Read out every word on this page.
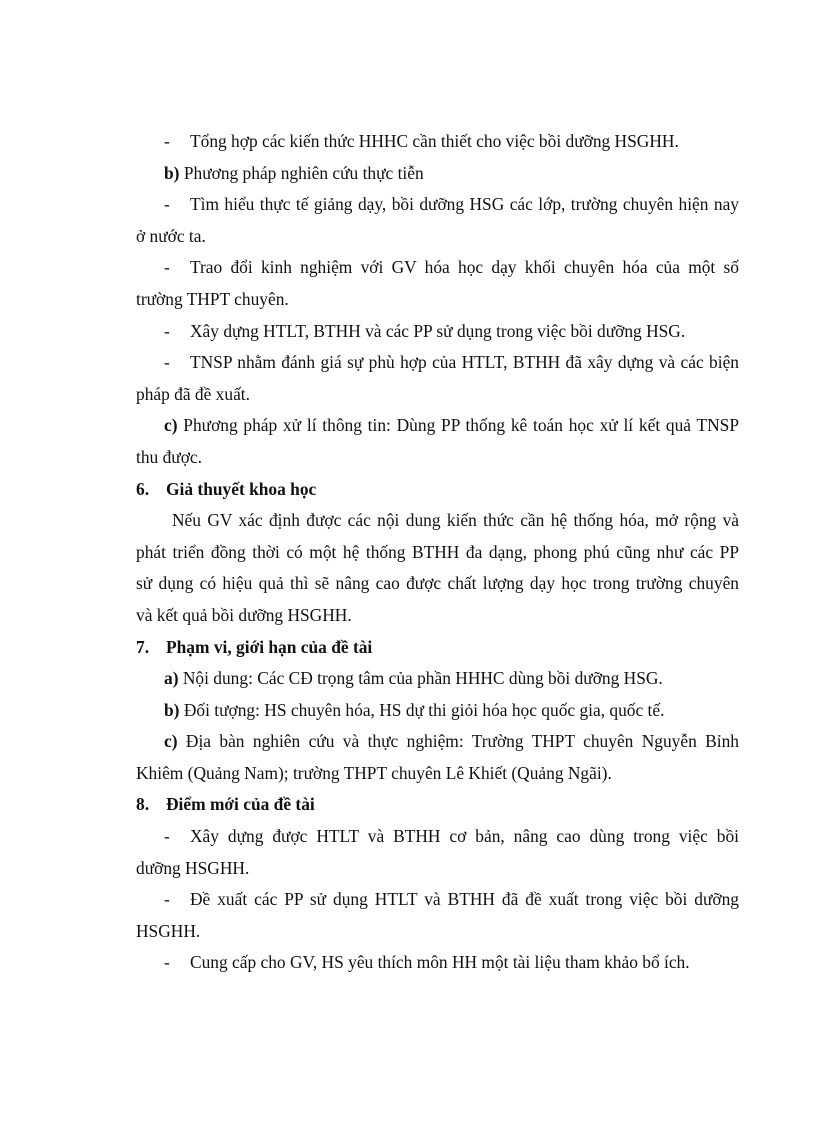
- Tổng hợp các kiến thức HHHC cần thiết cho việc bồi dưỡng HSGHH.
b) Phương pháp nghiên cứu thực tiễn
- Tìm hiểu thực tế giảng dạy, bồi dưỡng HSG các lớp, trường chuyên hiện nay
ở nước ta.
- Trao đổi kinh nghiệm với GV hóa học dạy khối chuyên hóa của một số
trường THPT chuyên.
- Xây dựng HTLT, BTHH và các PP sử dụng trong việc bồi dưỡng HSG.
- TNSP nhằm đánh giá sự phù hợp của HTLT, BTHH đã xây dựng và các biện
pháp đã đề xuất.
c) Phương pháp xử lí thông tin: Dùng PP thống kê toán học xử lí kết quả TNSP
thu được.
6. Giả thuyết khoa học
Nếu GV xác định được các nội dung kiến thức cần hệ thống hóa, mở rộng và
phát triển đồng thời có một hệ thống BTHH đa dạng, phong phú cũng như các PP
sử dụng có hiệu quả thì sẽ nâng cao được chất lượng dạy học trong trường chuyên
và kết quả bồi dưỡng HSGHH.
7. Phạm vi, giới hạn của đề tài
a) Nội dung: Các CĐ trọng tâm của phần HHHC dùng bồi dưỡng HSG.
b) Đối tượng: HS chuyên hóa, HS dự thi giỏi hóa học quốc gia, quốc tế.
c) Địa bàn nghiên cứu và thực nghiệm: Trường THPT chuyên Nguyễn Bỉnh
Khiêm (Quảng Nam); trường THPT chuyên Lê Khiết (Quảng Ngãi).
8. Điểm mới của đề tài
- Xây dựng được HTLT và BTHH cơ bản, nâng cao dùng trong việc bồi
dưỡng HSGHH.
- Đề xuất các PP sử dụng HTLT và BTHH đã đề xuất trong việc bồi dưỡng
HSGHH.
- Cung cấp cho GV, HS yêu thích môn HH một tài liệu tham khảo bổ ích.
